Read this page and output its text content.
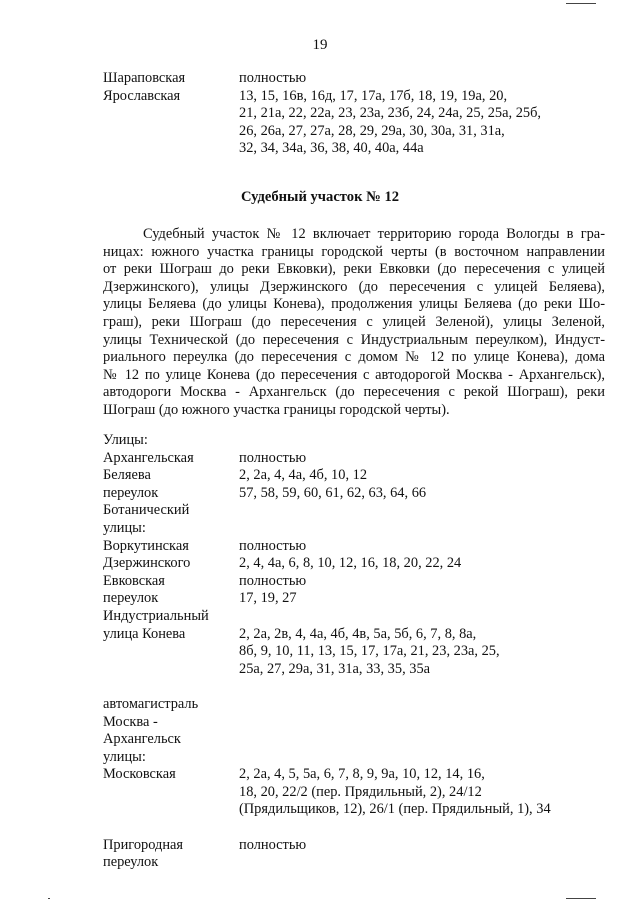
19
Шараповская	полностью
Ярославская	13, 15, 16в, 16д, 17, 17а, 17б, 18, 19, 19а, 20,
21, 21а, 22, 22а, 23, 23а, 23б, 24, 24а, 25, 25а, 25б,
26, 26а, 27, 27а, 28, 29, 29а, 30, 30а, 31, 31а,
32, 34, 34а, 36, 38, 40, 40а, 44а
Судебный участок № 12
Судебный участок № 12 включает территорию города Вологды в гра-
ницах: южного участка границы городской черты (в восточном направлении
от реки Шограш до реки Евковки), реки Евковки (до пересечения с улицей
Дзержинского), улицы Дзержинского (до пересечения с улицей Беляева),
улицы Беляева (до улицы Конева), продолжения улицы Беляева (до реки Шо-
граш), реки Шограш (до пересечения с улицей Зеленой), улицы Зеленой,
улицы Технической (до пересечения с Индустриальным переулком), Индуст-
риального переулка (до пересечения с домом № 12 по улице Конева), дома
№ 12 по улице Конева (до пересечения с автодорогой Москва - Архангельск),
автодороги Москва - Архангельск (до пересечения с рекой Шограш), реки
Шограш (до южного участка границы городской черты).
Улицы:
Архангельская	полностью
Беляева	2, 2а, 4, 4а, 4б, 10, 12
переулок	57, 58, 59, 60, 61, 62, 63, 64, 66
Ботанический
улицы:
Воркутинская	полностью
Дзержинского	2, 4, 4а, 6, 8, 10, 12, 16, 18, 20, 22, 24
Евковская	полностью
переулок	17, 19, 27
Индустриальный
улица Конева	2, 2а, 2в, 4, 4а, 4б, 4в, 5а, 5б, 6, 7, 8, 8а,
8б, 9, 10, 11, 13, 15, 17, 17а, 21, 23, 23а, 25,
25а, 27, 29а, 31, 31а, 33, 35, 35а

автомагистраль
Москва -
Архангельск
улицы:
Московская	2, 2а, 4, 5, 5а, 6, 7, 8, 9, 9а, 10, 12, 14, 16,
18, 20, 22/2 (пер. Прядильный, 2), 24/12
(Прядильщиков, 12), 26/1 (пер. Прядильный, 1), 34

Пригородная	полностью
переулок
